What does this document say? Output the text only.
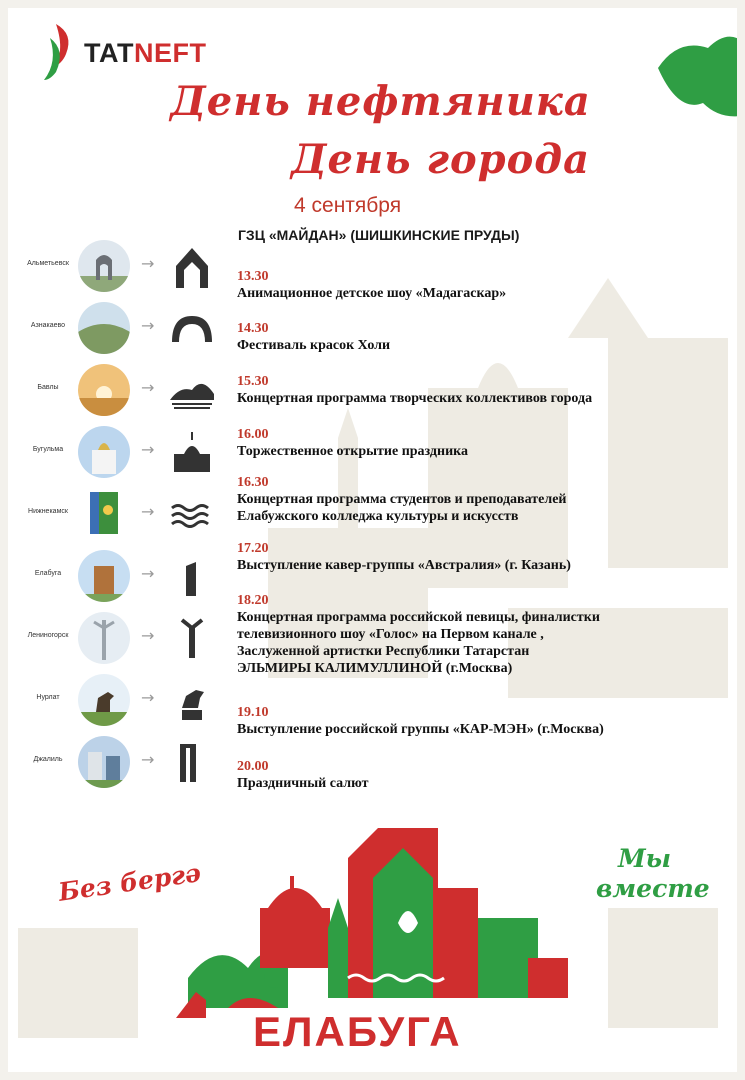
TATNEFT
День нефтяника
День города
4 сентября
ГЗЦ «МАЙДАН» (ШИШКИНСКИЕ ПРУДЫ)
Альметьевск	→
Азнакаево	→
Бавлы	→
Бугульма	→
Нижнекамск	→
Елабуга	→
Лениногорск	→
Нурлат	→
Джалиль	→
13.30
Анимационное детское шоу «Мадагаскар»
14.30
Фестиваль красок Холи
15.30
Концертная программа творческих коллективов города
16.00
Торжественное открытие праздника
16.30
Концертная программа студентов и преподавателей
Елабужского колледжа культуры и искусств
17.20
Выступление кавер-группы «Австралия» (г. Казань)
18.20
Концертная программа российской певицы, финалистки
телевизионного шоу «Голос» на Первом канале ,
Заслуженной артистки Республики Татарстан
ЭЛЬМИРЫ КАЛИМУЛЛИНОЙ (г.Москва)
19.10
Выступление российской группы «КАР-МЭН» (г.Москва)
20.00
Праздничный салют
Без бергә	Мы
вместе
ЕЛАБУГА
